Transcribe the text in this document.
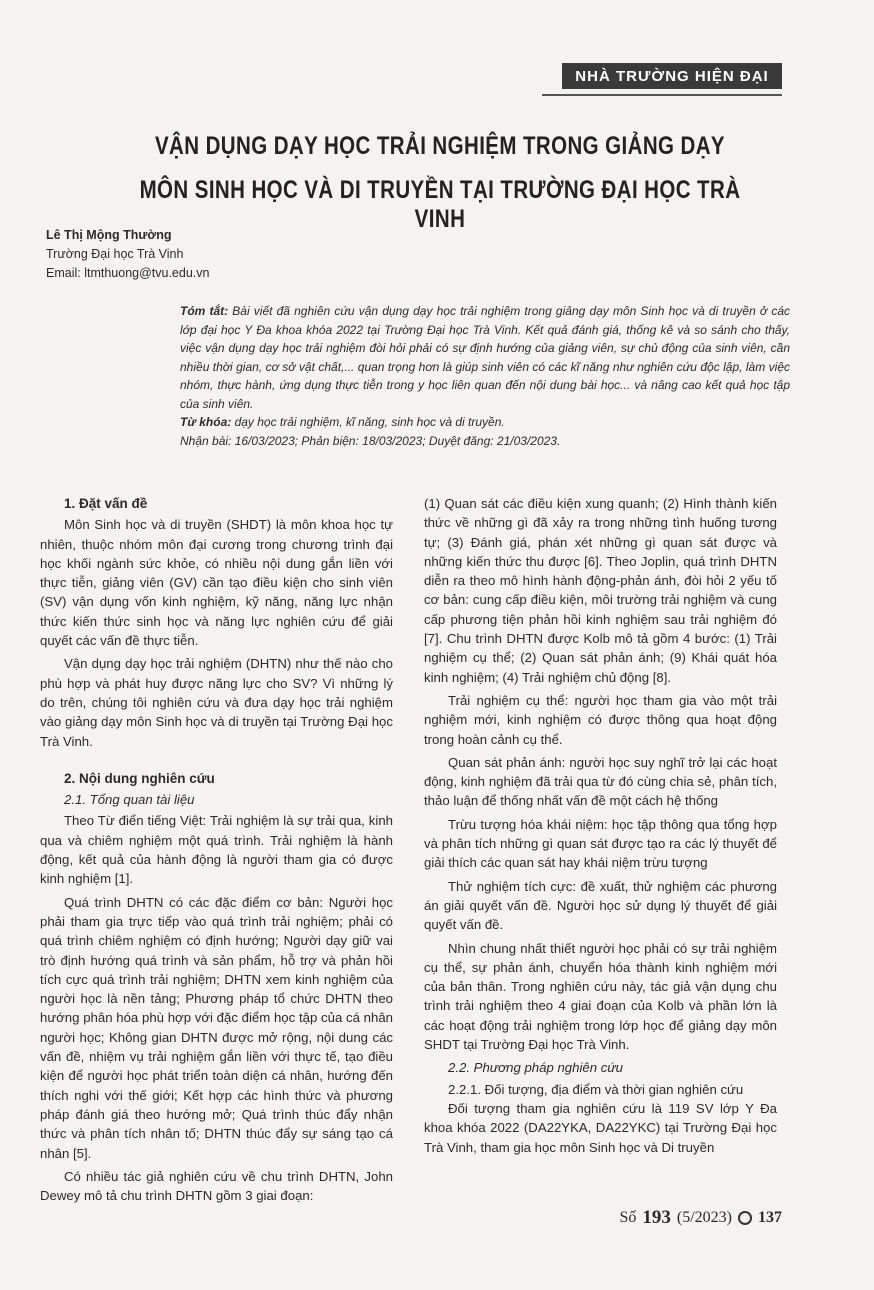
NHÀ TRƯỜNG HIỆN ĐẠI
VẬN DỤNG DẠY HỌC TRẢI NGHIỆM TRONG GIẢNG DẠY
MÔN SINH HỌC VÀ DI TRUYỀN TẠI TRƯỜNG ĐẠI HỌC TRÀ VINH
Lê Thị Mộng Thường
Trường Đại học Trà Vinh
Email: ltmthuong@tvu.edu.vn
Tóm tắt: Bài viết đã nghiên cứu vận dụng dạy học trải nghiệm trong giảng dạy môn Sinh học và di truyền ở các lớp đại học Y Đa khoa khóa 2022 tại Trường Đại học Trà Vinh. Kết quả đánh giá, thống kê và so sánh cho thấy, việc vận dụng dạy học trải nghiệm đòi hỏi phải có sự định hướng của giảng viên, sự chủ động của sinh viên, cần nhiều thời gian, cơ sở vật chất,... quan trọng hơn là giúp sinh viên có các kĩ năng như nghiên cứu độc lập, làm việc nhóm, thực hành, ứng dụng thực tiễn trong y học liên quan đến nội dung bài học... và nâng cao kết quả học tập của sinh viên.
Từ khóa: dạy học trải nghiệm, kĩ năng, sinh học và di truyền.
Nhận bài: 16/03/2023; Phản biện: 18/03/2023; Duyệt đăng: 21/03/2023.
1. Đặt vấn đề

Môn Sinh học và di truyền (SHDT) là môn khoa học tự nhiên, thuộc nhóm môn đại cương trong chương trình đại học khối ngành sức khỏe, có nhiều nội dung gắn liền với thực tiễn, giảng viên (GV) cần tạo điều kiện cho sinh viên (SV) vận dụng vốn kinh nghiệm, kỹ năng, năng lực nhận thức kiến thức sinh học và năng lực nghiên cứu để giải quyết các vấn đề thực tiễn.

Vận dụng dạy học trải nghiệm (DHTN) như thế nào cho phù hợp và phát huy được năng lực cho SV? Vì những lý do trên, chúng tôi nghiên cứu và đưa dạy học trải nghiệm vào giảng dạy môn Sinh học và di truyền tại Trường Đại học Trà Vinh.

2. Nội dung nghiên cứu
2.1. Tổng quan tài liệu

Theo Từ điển tiếng Việt: Trải nghiệm là sự trải qua, kinh qua và chiêm nghiệm một quá trình. Trải nghiệm là hành động, kết quả của hành động là người tham gia có được kinh nghiệm [1].

Quá trình DHTN có các đặc điểm cơ bản: Người học phải tham gia trực tiếp vào quá trình trải nghiệm; phải có quá trình chiêm nghiệm có định hướng; Người dạy giữ vai trò định hướng quá trình và sản phẩm, hỗ trợ và phản hồi tích cực quá trình trải nghiệm; DHTN xem kinh nghiệm của người học là nền tảng; Phương pháp tổ chức DHTN theo hướng phân hóa phù hợp với đặc điểm học tập của cá nhân người học; Không gian DHTN được mở rộng, nội dung các vấn đề, nhiệm vụ trải nghiệm gắn liền với thực tế, tạo điều kiện để người học phát triển toàn diện cá nhân, hướng đến thích nghi với thế giới; Kết hợp các hình thức và phương pháp đánh giá theo hướng mở; Quá trình thúc đẩy nhận thức và phân tích nhân tố; DHTN thúc đẩy sự sáng tạo cá nhân [5].

Có nhiều tác giả nghiên cứu về chu trình DHTN, John Dewey mô tả chu trình DHTN gồm 3 giai đoạn:

(1) Quan sát các điều kiện xung quanh; (2) Hình thành kiến thức về những gì đã xảy ra trong những tình huống tương tự; (3) Đánh giá, phán xét những gì quan sát được và những kiến thức thu được [6]. Theo Joplin, quá trình DHTN diễn ra theo mô hình hành động-phản ánh, đòi hỏi 2 yếu tố cơ bản: cung cấp điều kiện, môi trường trải nghiệm và cung cấp phương tiện phản hồi kinh nghiệm sau trải nghiệm đó [7]. Chu trình DHTN được Kolb mô tả gồm 4 bước: (1) Trải nghiệm cụ thể; (2) Quan sát phản ánh; (9) Khái quát hóa kinh nghiệm; (4) Trải nghiệm chủ động [8].

Trải nghiệm cụ thể: người học tham gia vào một trải nghiệm mới, kinh nghiệm có được thông qua hoạt động trong hoàn cảnh cụ thể.

Quan sát phản ánh: người học suy nghĩ trở lại các hoạt động, kinh nghiệm đã trải qua từ đó cùng chia sẻ, phân tích, thảo luận để thống nhất vấn đề một cách hệ thống

Trừu tượng hóa khái niệm: học tập thông qua tổng hợp và phân tích những gì quan sát được tạo ra các lý thuyết để giải thích các quan sát hay khái niệm trừu tượng

Thử nghiệm tích cực: đề xuất, thử nghiệm các phương án giải quyết vấn đề. Người học sử dụng lý thuyết để giải quyết vấn đề.

Nhìn chung nhất thiết người học phải có sự trải nghiệm cụ thể, sự phản ánh, chuyển hóa thành kinh nghiệm mới của bản thân. Trong nghiên cứu này, tác giả vận dụng chu trình trải nghiệm theo 4 giai đoạn của Kolb và phần lớn là các hoạt động trải nghiệm trong lớp học để giảng dạy môn SHDT tại Trường Đại học Trà Vinh.

2.2. Phương pháp nghiên cứu

2.2.1. Đối tượng, địa điểm và thời gian nghiên cứu

Đối tượng tham gia nghiên cứu là 119 SV lớp Y Đa khoa khóa 2022 (DA22YKA, DA22YKC) tại Trường Đại học Trà Vinh, tham gia học môn Sinh học và Di truyền

Số 193 (5/2023) 137
